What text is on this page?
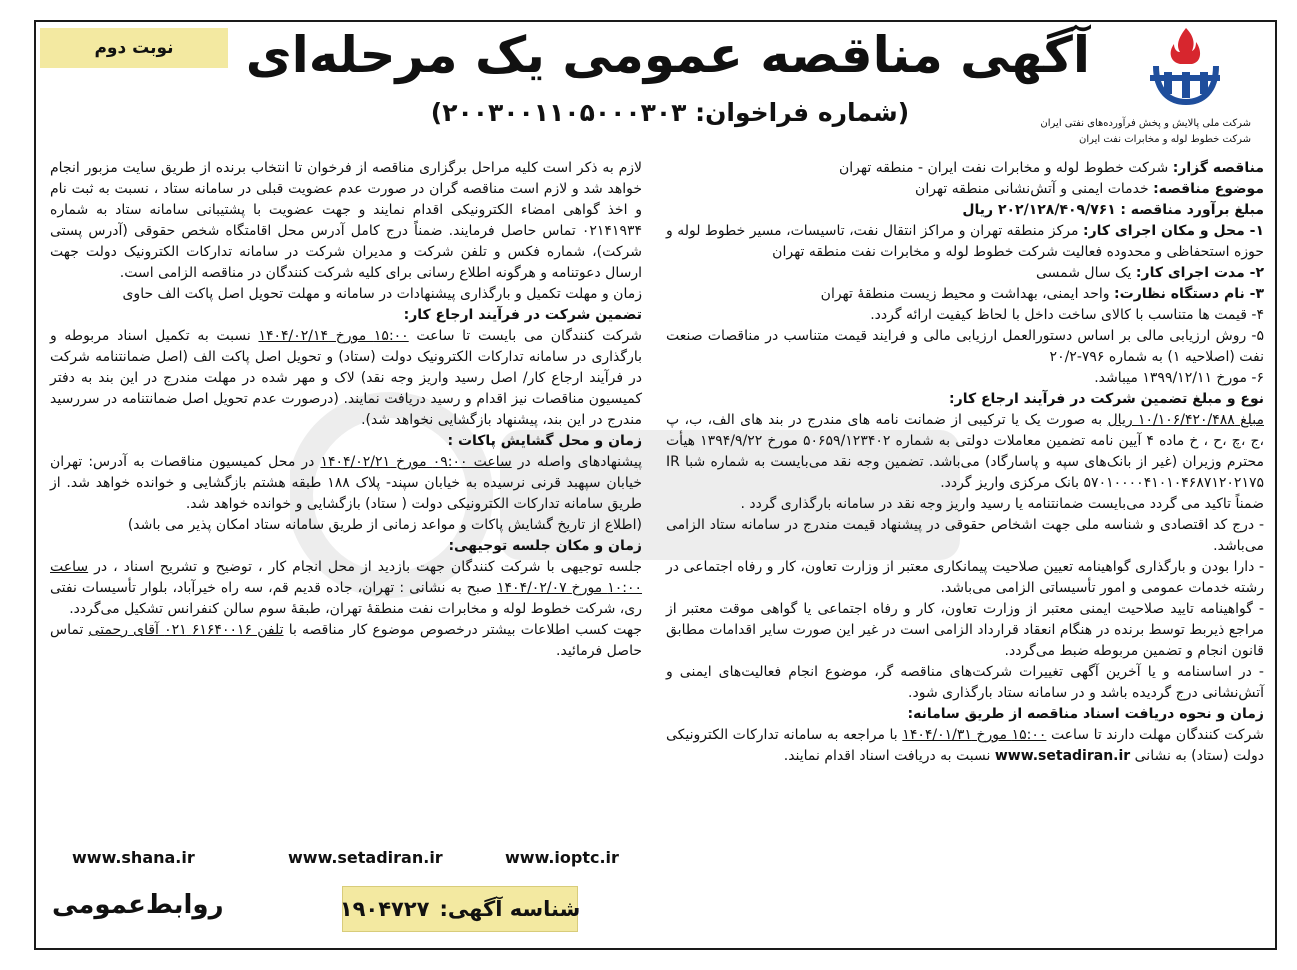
نوبت دوم
شرکت ملی پالایش و پخش فرآورده‌های نفتی ایران
شرکت خطوط لوله و مخابرات نفت ایران
آگهی مناقصه عمومی یک مرحله‌ای
(شماره فراخوان: ۲۰۰۳۰۰۱۱۰۵۰۰۰۳۰۳)

مناقصه گزار: شرکت خطوط لوله و مخابرات نفت ایران - منطقه تهران

موضوع مناقصه: خدمات ایمنی و آتش‌نشانی منطقه تهران

مبلغ برآورد مناقصه : ۲۰۲/۱۲۸/۴۰۹/۷۶۱ ریال

۱- محل و مکان اجرای کار: مرکز منطقه تهران و مراکز انتقال نفت، تاسیسات، مسیر خطوط لوله و حوزه استحفاظی و محدوده فعالیت شرکت خطوط لوله و مخابرات نفت منطقه تهران

۲- مدت اجرای کار: یک سال شمسی

۳- نام دستگاه نظارت: واحد ایمنی، بهداشت و محیط زیست منطقهٔ تهران

۴- قیمت ها متناسب با کالای ساخت داخل با لحاظ کیفیت ارائه گردد.

۵- روش ارزیابی مالی بر اساس دستورالعمل ارزیابی مالی و فرایند قیمت متناسب در مناقصات صنعت نفت (اصلاحیه ۱) به شماره ۷۹۶-۲۰/۲

۶- مورخ ۱۳۹۹/۱۲/۱۱ میباشد.

نوع و مبلغ تضمین شرکت در فرآیند ارجاع کار:

مبلغ ۱۰/۱۰۶/۴۲۰/۴۸۸ ریال به صورت یک یا ترکیبی از ضمانت نامه های مندرج در بند های الف، ب، پ ،ج ،چ ،ح ، خ ماده ۴ آیین نامه تضمین معاملات دولتی به شماره ۵۰۶۵۹/۱۲۳۴۰۲ مورخ ۱۳۹۴/۹/۲۲ هیأت محترم وزیران (غیر از بانک‌های سپه و پاسارگاد) می‌باشد. تضمین وجه نقد می‌بایست به شماره شبا IR ۵۷۰۱۰۰۰۰۴۱۰۱۰۴۶۸۷۱۲۰۲۱۷۵ بانک مرکزی واریز گردد.

ضمناً تاکید می گردد می‌بایست ضمانتنامه یا رسید واریز وجه نقد در سامانه بارگذاری گردد .

- درج کد اقتصادی و شناسه ملی جهت اشخاص حقوقی در پیشنهاد قیمت مندرج در سامانه ستاد الزامی می‌باشد.

- دارا بودن و بارگذاری گواهینامه تعیین صلاحیت پیمانکاری معتبر از وزارت تعاون، کار و رفاه اجتماعی در رشته خدمات عمومی و امور تأسیساتی الزامی می‌باشد.

- گواهینامه تایید صلاحیت ایمنی معتبر از وزارت تعاون، کار و رفاه اجتماعی یا گواهی موقت معتبر از مراجع ذیربط توسط برنده در هنگام انعقاد قرارداد الزامی است در غیر این صورت سایر اقدامات مطابق قانون انجام و تضمین مربوطه ضبط می‌گردد.

- در اساسنامه و یا آخرین آگهی تغییرات شرکت‌های مناقصه گر، موضوع انجام فعالیت‌های ایمنی و آتش‌نشانی درج گردیده باشد و در سامانه ستاد بارگذاری شود.

زمان و نحوه دریافت اسناد مناقصه از طریق سامانه:

شرکت کنندگان مهلت دارند تا ساعت ۱۵:۰۰ مورخ ۱۴۰۴/۰۱/۳۱ با مراجعه به سامانه تدارکات الکترونیکی دولت (ستاد) به نشانی www.setadiran.ir نسبت به دریافت اسناد اقدام نمایند.

لازم به ذکر است کلیه مراحل برگزاری مناقصه از فرخوان تا انتخاب برنده از طریق سایت مزبور انجام خواهد شد و لازم است مناقصه گران در صورت عدم عضویت قبلی در سامانه ستاد ، نسبت به ثبت نام و اخذ گواهی امضاء الکترونیکی اقدام نمایند و جهت عضویت با پشتیبانی سامانه ستاد به شماره ۰۲۱۴۱۹۳۴ تماس حاصل فرمایند. ضمناً درج کامل آدرس محل اقامتگاه شخص حقوقی (آدرس پستی شرکت)، شماره فکس و تلفن شرکت و مدیران شرکت در سامانه تدارکات الکترونیک دولت جهت ارسال دعوتنامه و هرگونه اطلاع رسانی برای کلیه شرکت کنندگان در مناقصه الزامی است.

زمان و مهلت تکمیل و بارگذاری پیشنهادات در سامانه و مهلت تحویل اصل پاکت الف حاوی

تضمین شرکت در فرآیند ارجاع کار:

شرکت کنندگان می بایست تا ساعت ۱۵:۰۰ مورخ ۱۴۰۴/۰۲/۱۴ نسبت به تکمیل اسناد مربوطه و بارگذاری در سامانه تدارکات الکترونیک دولت (ستاد) و تحویل اصل پاکت الف (اصل ضمانتنامه شرکت در فرآیند ارجاع کار/ اصل رسید واریز وجه نقد) لاک و مهر شده در مهلت مندرج در این بند به دفتر کمیسیون مناقصات نیز اقدام و رسید دریافت نمایند. (درصورت عدم تحویل اصل ضمانتنامه در سررسید مندرج در این بند، پیشنهاد بازگشایی نخواهد شد).

زمان و محل گشایش پاکات :

پیشنهادهای واصله در ساعت ۰۹:۰۰ مورخ ۱۴۰۴/۰۲/۲۱ در محل کمیسیون مناقصات به آدرس: تهران خیابان سپهبد قرنی نرسیده به خیابان سپند- پلاک ۱۸۸ طبقه هشتم بازگشایی و خوانده خواهد شد. از طریق سامانه تدارکات الکترونیکی دولت ( ستاد) بازگشایی و خوانده خواهد شد.

(اطلاع از تاریخ گشایش پاکات و مواعد زمانی از طریق سامانه ستاد امکان پذیر می باشد)

زمان و مکان جلسه توجیهی:

جلسه توجیهی با شرکت کنندگان جهت بازدید از محل انجام کار ، توضیح و تشریح اسناد ، در ساعت ۱۰:۰۰ مورخ ۱۴۰۴/۰۲/۰۷ صبح به نشانی : تهران، جاده قدیم قم، سه راه خیرآباد، بلوار تأسیسات نفتی ری، شرکت خطوط لوله و مخابرات نفت منطقهٔ تهران، طبقهٔ سوم سالن کنفرانس تشکیل می‌گردد.

جهت کسب اطلاعات بیشتر درخصوص موضوع کار مناقصه با تلفن ۶۱۶۴۰۰۱۶ ۰۲۱ آقای رحمتی تماس حاصل فرمائید.

www.shana.ir	www.setadiran.ir	www.ioptc.ir
روابط‌عمومی	شناسه آگهی:
۱۹۰۴۷۲۷
